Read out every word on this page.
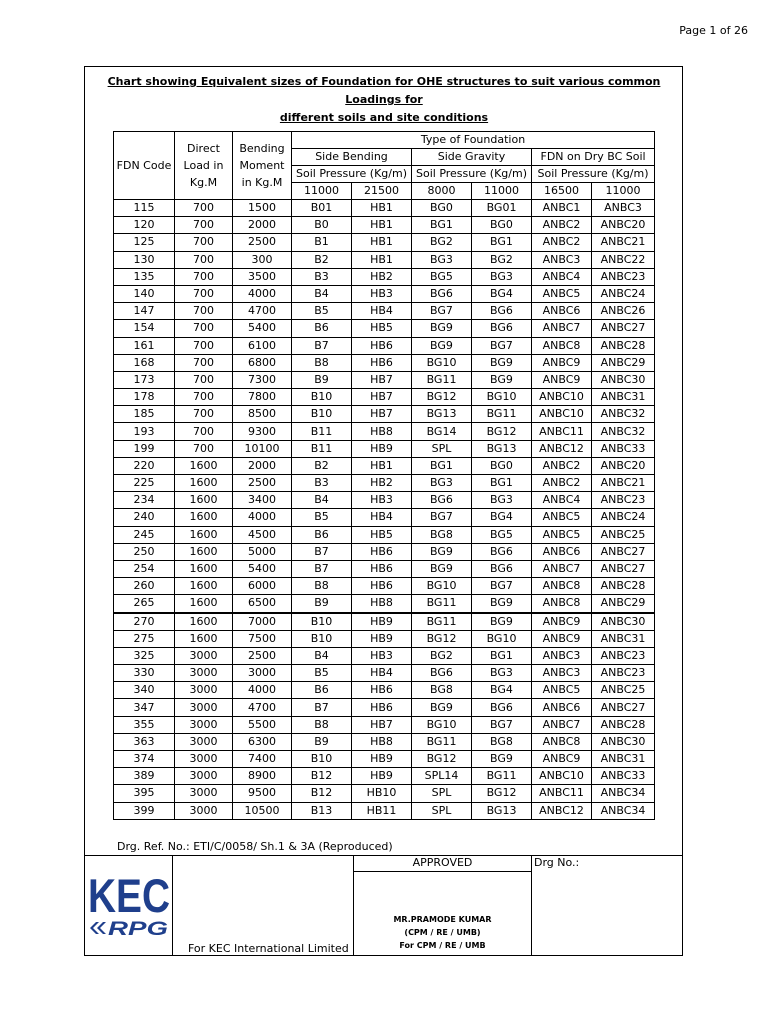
Page 1 of 26
Chart showing Equivalent sizes of Foundation for OHE structures to suit various common Loadings for
different soils and site conditions
FDN Code	Direct Load in Kg.M	Bending Moment in Kg.M	Type of Foundation					
			Side Bending		Side Gravity		FDN on Dry BC Soil	
			Soil Pressure (Kg/m)		Soil Pressure (Kg/m)		Soil Pressure (Kg/m)	
			11000	21500	8000	11000	16500	11000
115	700	1500	B01	HB1	BG0	BG01	ANBC1	ANBC3
120	700	2000	B0	HB1	BG1	BG0	ANBC2	ANBC20
125	700	2500	B1	HB1	BG2	BG1	ANBC2	ANBC21
130	700	300	B2	HB1	BG3	BG2	ANBC3	ANBC22
135	700	3500	B3	HB2	BG5	BG3	ANBC4	ANBC23
140	700	4000	B4	HB3	BG6	BG4	ANBC5	ANBC24
147	700	4700	B5	HB4	BG7	BG6	ANBC6	ANBC26
154	700	5400	B6	HB5	BG9	BG6	ANBC7	ANBC27
161	700	6100	B7	HB6	BG9	BG7	ANBC8	ANBC28
168	700	6800	B8	HB6	BG10	BG9	ANBC9	ANBC29
173	700	7300	B9	HB7	BG11	BG9	ANBC9	ANBC30
178	700	7800	B10	HB7	BG12	BG10	ANBC10	ANBC31
185	700	8500	B10	HB7	BG13	BG11	ANBC10	ANBC32
193	700	9300	B11	HB8	BG14	BG12	ANBC11	ANBC32
199	700	10100	B11	HB9	SPL	BG13	ANBC12	ANBC33
220	1600	2000	B2	HB1	BG1	BG0	ANBC2	ANBC20
225	1600	2500	B3	HB2	BG3	BG1	ANBC2	ANBC21
234	1600	3400	B4	HB3	BG6	BG3	ANBC4	ANBC23
240	1600	4000	B5	HB4	BG7	BG4	ANBC5	ANBC24
245	1600	4500	B6	HB5	BG8	BG5	ANBC5	ANBC25
250	1600	5000	B7	HB6	BG9	BG6	ANBC6	ANBC27
254	1600	5400	B7	HB6	BG9	BG6	ANBC7	ANBC27
260	1600	6000	B8	HB6	BG10	BG7	ANBC8	ANBC28
265	1600	6500	B9	HB8	BG11	BG9	ANBC8	ANBC29
270	1600	7000	B10	HB9	BG11	BG9	ANBC9	ANBC30
275	1600	7500	B10	HB9	BG12	BG10	ANBC9	ANBC31
325	3000	2500	B4	HB3	BG2	BG1	ANBC3	ANBC23
330	3000	3000	B5	HB4	BG6	BG3	ANBC3	ANBC23
340	3000	4000	B6	HB6	BG8	BG4	ANBC5	ANBC25
347	3000	4700	B7	HB6	BG9	BG6	ANBC6	ANBC27
355	3000	5500	B8	HB7	BG10	BG7	ANBC7	ANBC28
363	3000	6300	B9	HB8	BG11	BG8	ANBC8	ANBC30
374	3000	7400	B10	HB9	BG12	BG9	ANBC9	ANBC31
389	3000	8900	B12	HB9	SPL14	BG11	ANBC10	ANBC33
395	3000	9500	B12	HB10	SPL	BG12	ANBC11	ANBC34
399	3000	10500	B13	HB11	SPL	BG13	ANBC12	ANBC34
Drg. Ref. No.: ETI/C/0058/ Sh.1 & 3A (Reproduced)
KEC
RPG
APPROVED	Drg No.:
MR.PRAMODE KUMAR
(CPM / RE / UMB)
For CPM / RE / UMB
For KEC International Limited
